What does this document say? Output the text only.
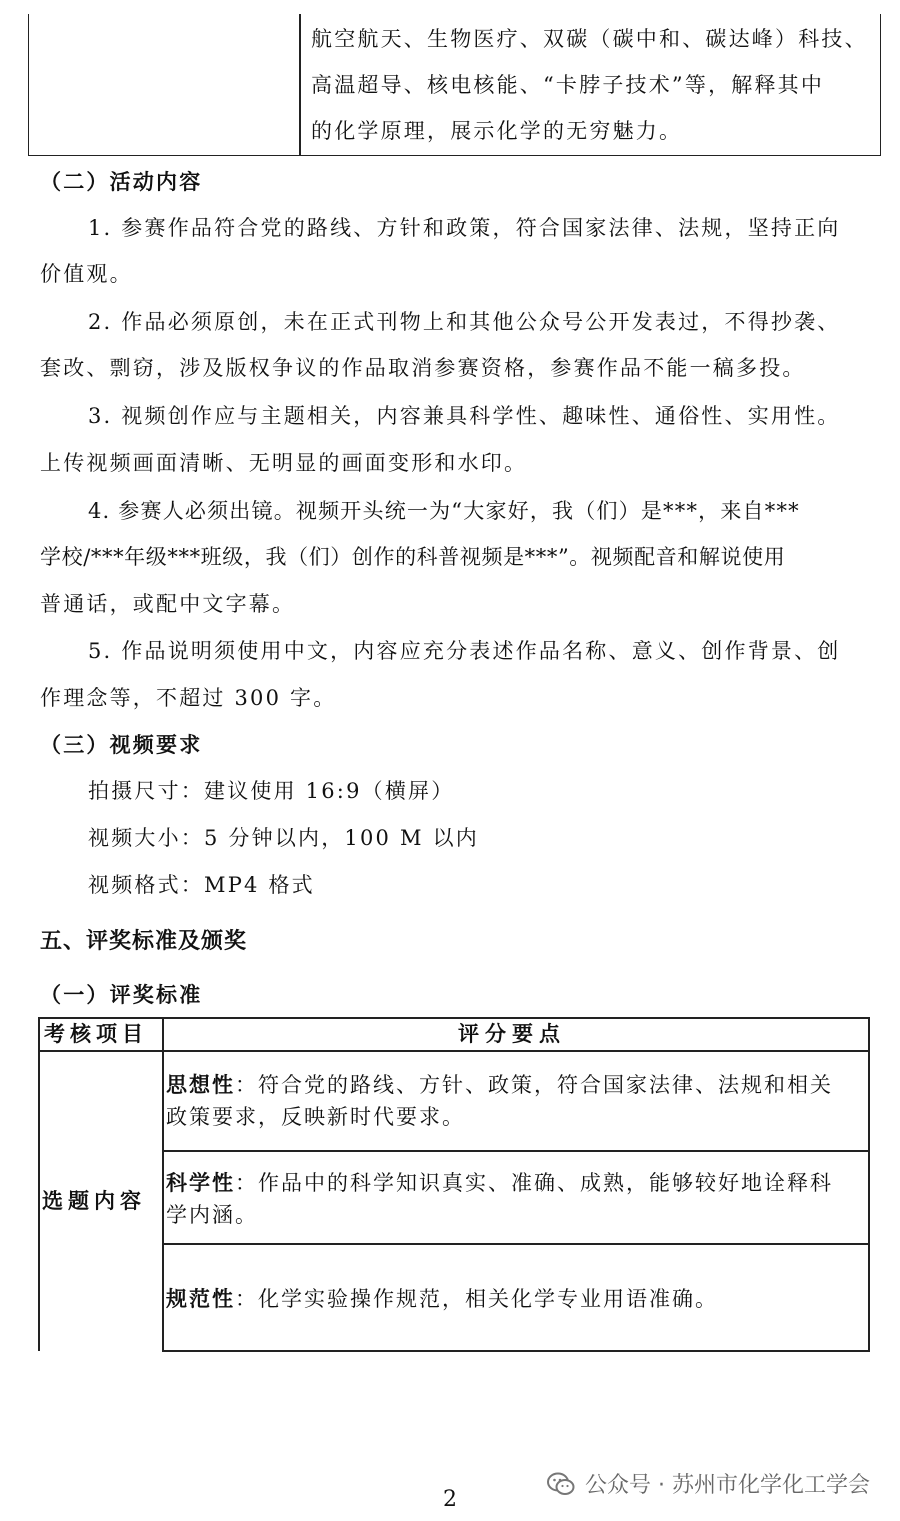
航空航天、生物医疗、双碳（碳中和、碳达峰）科技、
高温超导、核电核能、“卡脖子技术”等，解释其中
的化学原理，展示化学的无穷魅力。
（二）活动内容
1. 参赛作品符合党的路线、方针和政策，符合国家法律、法规，坚持正向
价值观。
2. 作品必须原创，未在正式刊物上和其他公众号公开发表过，不得抄袭、
套改、剽窃，涉及版权争议的作品取消参赛资格，参赛作品不能一稿多投。
3. 视频创作应与主题相关，内容兼具科学性、趣味性、通俗性、实用性。
上传视频画面清晰、无明显的画面变形和水印。
4. 参赛人必须出镜。视频开头统一为“大家好，我（们）是***，来自***
学校/***年级***班级，我（们）创作的科普视频是***”。视频配音和解说使用
普通话，或配中文字幕。
5. 作品说明须使用中文，内容应充分表述作品名称、意义、创作背景、创
作理念等，不超过 300 字。
（三）视频要求
拍摄尺寸：建议使用 16:9（横屏）
视频大小：5 分钟以内，100 M 以内
视频格式：MP4 格式
五、评奖标准及颁奖
（一）评奖标准
考核项目	评分要点
选题内容
思想性：符合党的路线、方针、政策，符合国家法律、法规和相关
政策要求，反映新时代要求。
科学性：作品中的科学知识真实、准确、成熟，能够较好地诠释科
学内涵。
规范性：化学实验操作规范，相关化学专业用语准确。
公众号 · 苏州市化学化工学会
2
